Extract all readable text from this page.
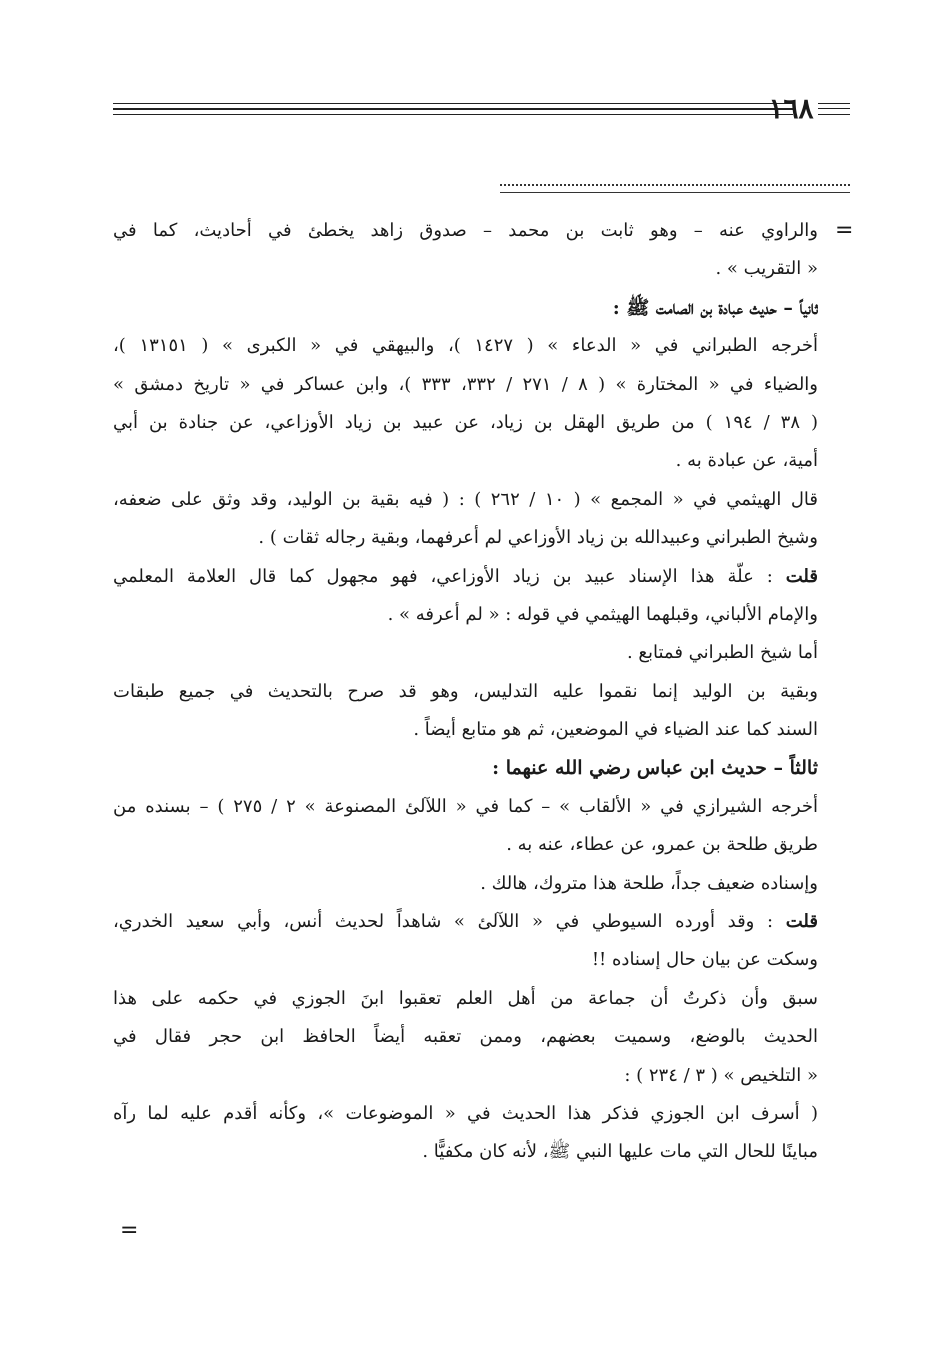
١٦٨
=
=
والراوي عنه – وهو ثابت بن محمد – صدوق زاهد يخطئ في أحاديث، كما في
« التقريب » .
ثانياً – حديث عبادة بن الصامت ﷺ :
أخرجه الطبراني في « الدعاء » ( ١٤٢٧ )، والبيهقي في « الكبرى » ( ١٣١٥١ )،
والضياء في « المختارة » ( ٨ / ٢٧١ / ٣٣٢، ٣٣٣ )، وابن عساكر في « تاريخ دمشق »
( ٣٨ / ١٩٤ ) من طريق الهقل بن زياد، عن عبيد بن زياد الأوزاعي، عن جنادة بن أبي
أمية، عن عبادة به .
قال الهيثمي في « المجمع » ( ١٠ / ٢٦٢ ) : ( فيه بقية بن الوليد، وقد وثق على ضعفه،
وشيخ الطبراني وعبيدالله بن زياد الأوزاعي لم أعرفهما، وبقية رجاله ثقات ) .
قلت : علّة هذا الإسناد عبيد بن زياد الأوزاعي، فهو مجهول كما قال العلامة المعلمي
والإمام الألباني، وقبلهما الهيثمي في قوله : « لم أعرفه » .
أما شيخ الطبراني فمتابع .
وبقية بن الوليد إنما نقموا عليه التدليس، وهو قد صرح بالتحديث في جميع طبقات
السند كما عند الضياء في الموضعين، ثم هو متابع أيضاً .
ثالثاً – حديث ابن عباس رضي الله عنهما :
أخرجه الشيرازي في « الألقاب » – كما في « اللآلئ المصنوعة » ٢ / ٢٧٥ ) – بسنده من
طريق طلحة بن عمرو، عن عطاء، عنه به .
وإسناده ضعيف جداً، طلحة هذا متروك، هالك .
قلت : وقد أورده السيوطي في « اللآلئ » شاهداً لحديث أنس، وأبي سعيد الخدري،
وسكت عن بيان حال إسناده !!
سبق وأن ذكرتُ أن جماعة من أهل العلم تعقبوا ابنَ الجوزي في حكمه على هذا
الحديث بالوضع، وسميت بعضهم، وممن تعقبه أيضاً الحافظ ابن حجر فقال في
« التلخيص » ( ٣ / ٢٣٤ ) :
( أسرف ابن الجوزي فذكر هذا الحديث في « الموضوعات »، وكأنه أقدم عليه لما رآه
مباينًا للحال التي مات عليها النبي ﷺ، لأنه كان مكفيًّا .
